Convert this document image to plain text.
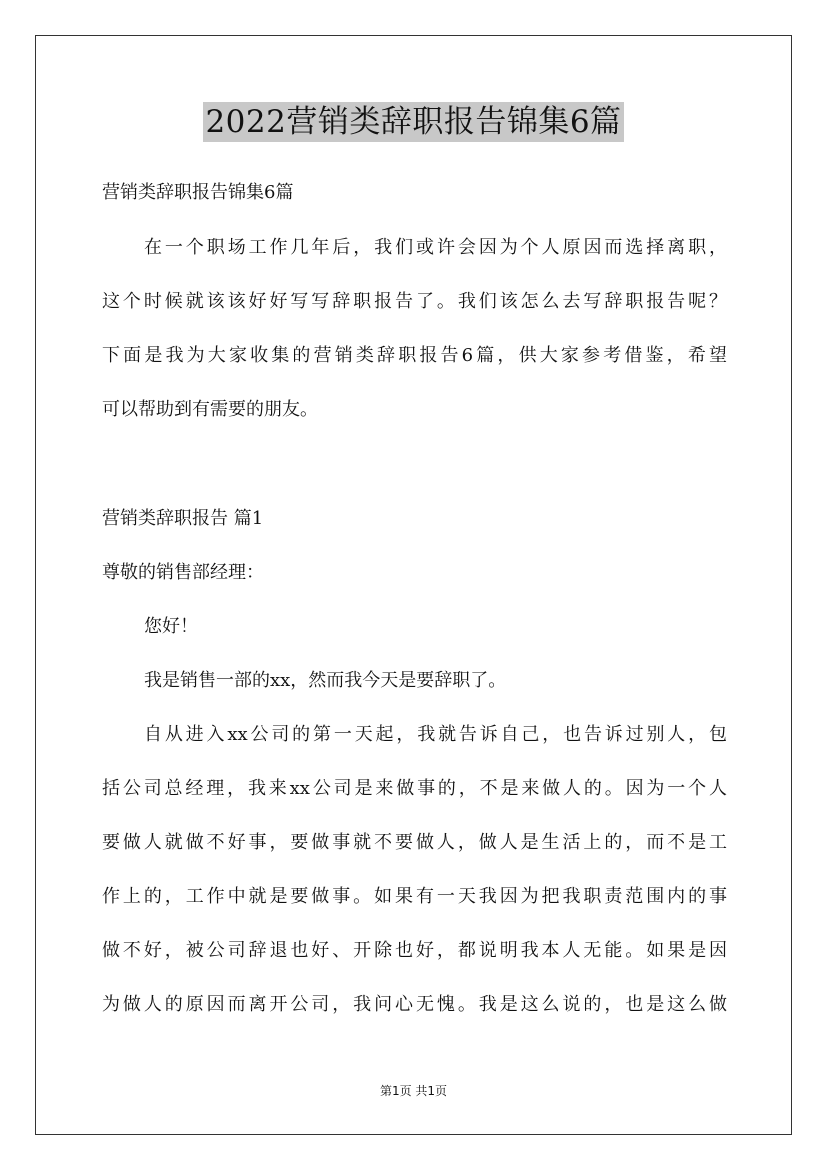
2022营销类辞职报告锦集6篇
营销类辞职报告锦集6篇
在一个职场工作几年后，我们或许会因为个人原因而选择离职，
这个时候就该该好好写写辞职报告了。我们该怎么去写辞职报告呢？
下面是我为大家收集的营销类辞职报告6篇，供大家参考借鉴，希望
可以帮助到有需要的朋友。
营销类辞职报告 篇1
尊敬的销售部经理：
您好！
我是销售一部的xx，然而我今天是要辞职了。
自从进入xx公司的第一天起，我就告诉自己，也告诉过别人，包
括公司总经理，我来xx公司是来做事的，不是来做人的。因为一个人
要做人就做不好事，要做事就不要做人，做人是生活上的，而不是工
作上的，工作中就是要做事。如果有一天我因为把我职责范围内的事
做不好，被公司辞退也好、开除也好，都说明我本人无能。如果是因
为做人的原因而离开公司，我问心无愧。我是这么说的，也是这么做
第1页 共1页
